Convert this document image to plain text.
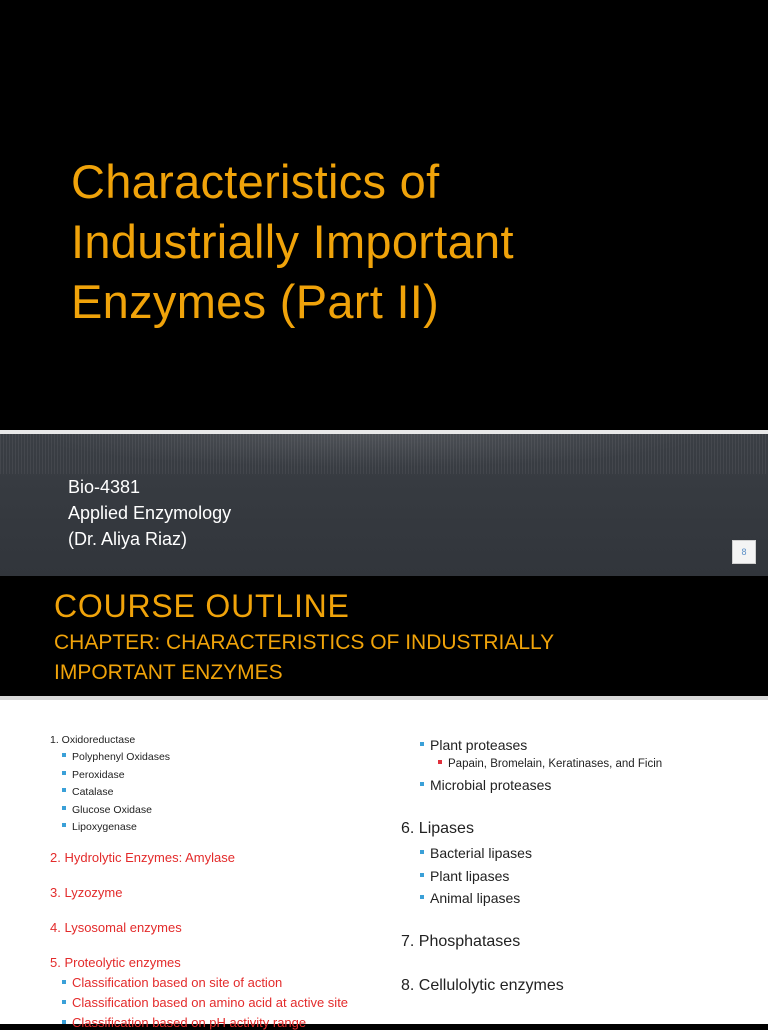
Characteristics of
Industrially Important
Enzymes (Part II)
Bio-4381
Applied Enzymology
(Dr. Aliya Riaz)
8
COURSE OUTLINE
CHAPTER: CHARACTERISTICS OF INDUSTRIALLY
IMPORTANT ENZYMES
1. Oxidoreductase
Polyphenyl Oxidases
Peroxidase
Catalase
Glucose Oxidase
Lipoxygenase
2. Hydrolytic Enzymes: Amylase
3. Lyzozyme
4. Lysosomal enzymes
5. Proteolytic enzymes
Classification based on site of action
Classification based on amino acid at active site
Classification based on pH activity range
Plant proteases
Papain, Bromelain, Keratinases, and Ficin
Microbial proteases
6. Lipases
Bacterial lipases
Plant lipases
Animal lipases
7. Phosphatases
8. Cellulolytic enzymes
